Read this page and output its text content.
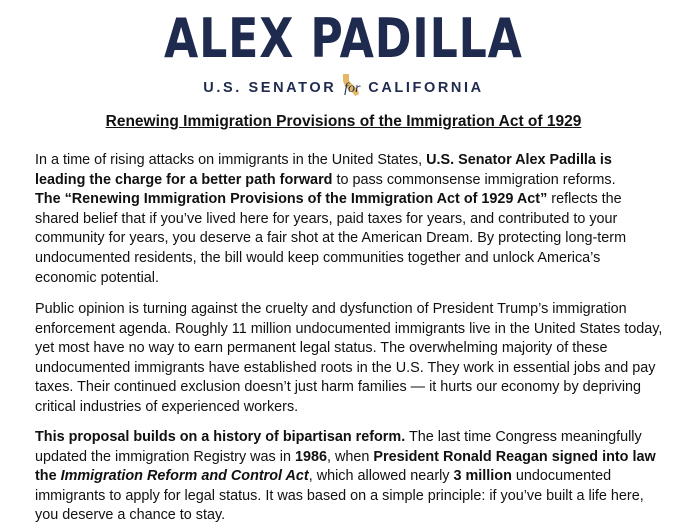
ALEX PADILLA
U.S. SENATOR for CALIFORNIA
Renewing Immigration Provisions of the Immigration Act of 1929

In a time of rising attacks on immigrants in the United States, U.S. Senator Alex Padilla is leading the charge for a better path forward to pass commonsense immigration reforms.
The “Renewing Immigration Provisions of the Immigration Act of 1929 Act” reflects the shared belief that if you’ve lived here for years, paid taxes for years, and contributed to your community for years, you deserve a fair shot at the American Dream. By protecting long-term undocumented residents, the bill would keep communities together and unlock America’s economic potential.

Public opinion is turning against the cruelty and dysfunction of President Trump’s immigration enforcement agenda. Roughly 11 million undocumented immigrants live in the United States today, yet most have no way to earn permanent legal status. The overwhelming majority of these undocumented immigrants have established roots in the U.S. They work in essential jobs and pay taxes. Their continued exclusion doesn’t just harm families — it hurts our economy by depriving critical industries of experienced workers.

This proposal builds on a history of bipartisan reform. The last time Congress meaningfully updated the immigration Registry was in 1986, when President Ronald Reagan signed into law the Immigration Reform and Control Act, which allowed nearly 3 million undocumented immigrants to apply for legal status. It was based on a simple principle: if you’ve built a life here, you deserve a chance to stay.
